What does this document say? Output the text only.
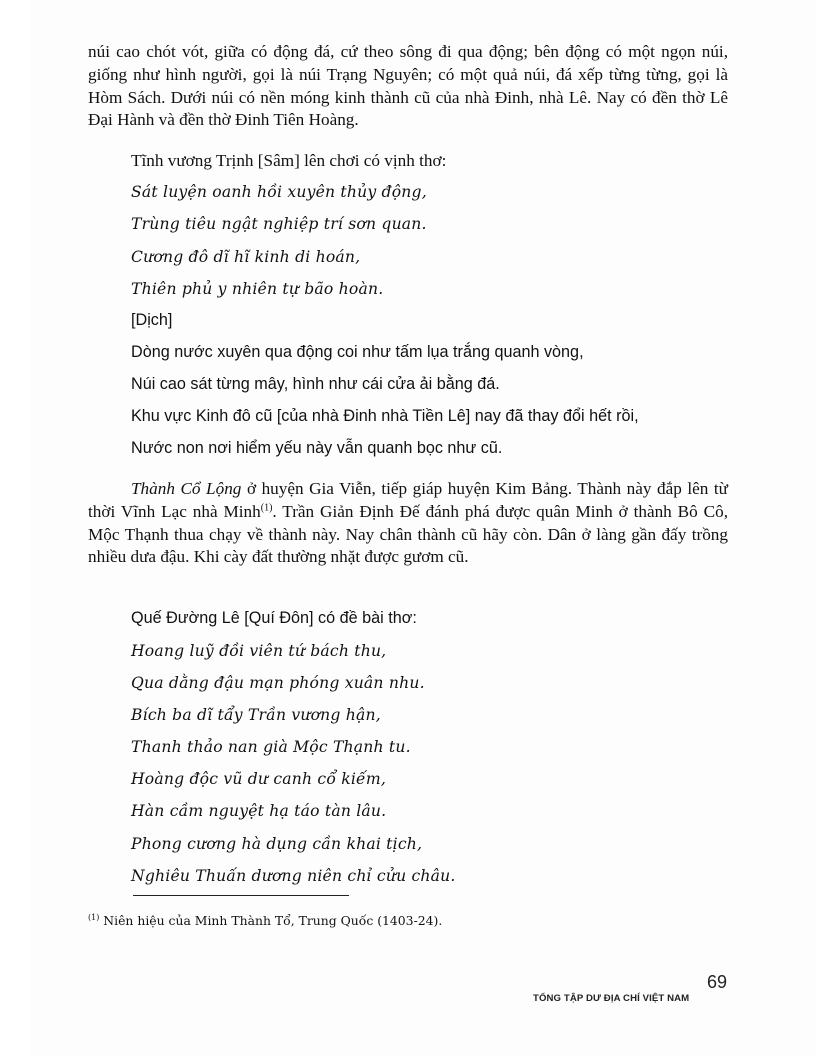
núi cao chót vót, giữa có động đá, cứ theo sông đi qua động; bên động có một ngọn núi, giống như hình người, gọi là núi Trạng Nguyên; có một quả núi, đá xếp từng từng, gọi là Hòm Sách. Dưới núi có nền móng kinh thành cũ của nhà Đinh, nhà Lê. Nay có đền thờ Lê Đại Hành và đền thờ Đinh Tiên Hoàng.

Tĩnh vương Trịnh [Sâm] lên chơi có vịnh thơ:

Sát luyện oanh hồi xuyên thủy động,

Trùng tiêu ngật nghiệp trí sơn quan.

Cương đô dĩ hĩ kinh di hoán,

Thiên phủ y nhiên tự bão hoàn.

[Dịch]

Dòng nước xuyên qua động coi như tấm lụa trắng quanh vòng,

Núi cao sát từng mây, hình như cái cửa ải bằng đá.

Khu vực Kinh đô cũ [của nhà Đinh nhà Tiền Lê] nay đã thay đổi hết rồi,

Nước non nơi hiểm yếu này vẫn quanh bọc như cũ.

Thành Cổ Lộng ở huyện Gia Viễn, tiếp giáp huyện Kim Bảng. Thành này đắp lên từ thời Vĩnh Lạc nhà Minh$^{(1)}$. Trần Giản Định Đế đánh phá được quân Minh ở thành Bô Cô, Mộc Thạnh thua chạy về thành này. Nay chân thành cũ hãy còn. Dân ở làng gần đấy trồng nhiều dưa đậu. Khi cày đất thường nhặt được gươm cũ.

Quế Đường Lê [Quí Đôn] có đề bài thơ:

Hoang luỹ đồi viên tứ bách thu,

Qua dằng đậu mạn phóng xuân nhu.

Bích ba dĩ tẩy Trần vương hận,

Thanh thảo nan già Mộc Thạnh tu.

Hoàng độc vũ dư canh cổ kiếm,

Hàn cầm nguyệt hạ táo tàn lâu.

Phong cương hà dụng cần khai tịch,

Nghiêu Thuấn dương niên chỉ cửu châu.

$^{(1)}$ Niên hiệu của Minh Thành Tổ, Trung Quốc (1403-24).

69
TỔNG TẬP DƯ ĐỊA CHÍ VIỆT NAM
